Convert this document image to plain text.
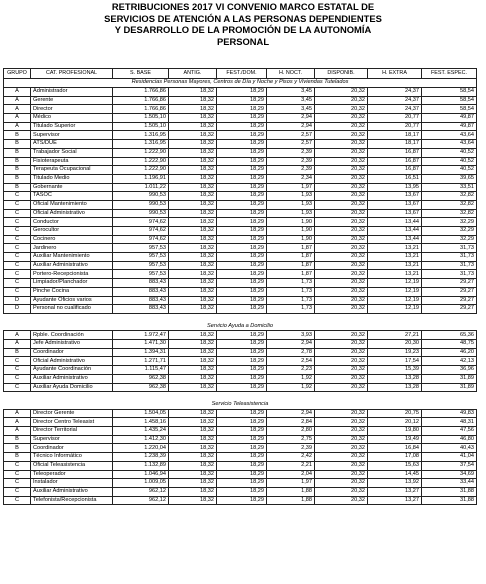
RETRIBUCIONES 2017 VI CONVENIO MARCO ESTATAL DE
SERVICIOS DE ATENCIÓN A LAS PERSONAS DEPENDIENTES
Y DESARROLLO DE LA PROMOCIÓN DE LA AUTONOMÍA
PERSONAL
GRUPO	CAT. PROFESIONAL	S. BASE	ANTIG.	FEST./DOM.	H. NOCT.	DISPONIB.	H. EXTRA	FEST. ESPEC.
Residencias Personas Mayores, Centros de Día y Noche y Pisos y Viviendas Tutelados								
A	Administrador	1.766,86	18,32	18,29	3,45	20,32	24,37	58,54
A	Gerente	1.766,86	18,32	18,29	3,45	20,32	24,37	58,54
A	Director	1.766,86	18,32	18,29	3,45	20,32	24,37	58,54
A	Médico	1.505,10	18,32	18,29	2,94	20,32	20,77	49,87
A	Titulado Superior	1.505,10	18,32	18,29	2,94	20,32	20,77	49,87
B	Supervisor	1.316,95	18,32	18,29	2,57	20,32	18,17	43,64
B	ATS/DUE	1.316,95	18,32	18,29	2,57	20,32	18,17	43,64
B	Trabajador Social	1.222,90	18,32	18,29	2,39	20,32	16,87	40,52
B	Fisioterapeuta	1.222,90	18,32	18,29	2,39	20,32	16,87	40,52
B	Terapeuta Ocupacional	1.222,90	18,32	18,29	2,39	20,32	16,87	40,52
B	Titulado Medio	1.196,91	18,32	18,29	2,34	20,32	16,51	39,65
B	Gobernante	1.011,22	18,32	18,29	1,97	20,32	13,95	33,51
C	TASOC	990,53	18,32	18,29	1,93	20,32	13,67	32,82
C	Oficial Mantenimiento	990,53	18,32	18,29	1,93	20,32	13,67	32,82
C	Oficial Administrativo	990,53	18,32	18,29	1,93	20,32	13,67	32,82
C	Conductor	974,62	18,32	18,29	1,90	20,32	13,44	32,29
C	Gerocultor	974,62	18,32	18,29	1,90	20,32	13,44	32,29
C	Cocinero	974,62	18,32	18,29	1,90	20,32	13,44	32,29
C	Jardinero	957,53	18,32	18,29	1,87	20,32	13,21	31,73
C	Auxiliar Mantenimiento	957,53	18,32	18,29	1,87	20,32	13,21	31,73
C	Auxiliar Administrativo	957,53	18,32	18,29	1,87	20,32	13,21	31,73
C	Portero-Recepcionista	957,53	18,32	18,29	1,87	20,32	13,21	31,73
C	Limpiador/Planchador	883,43	18,32	18,29	1,73	20,32	12,19	29,27
C	Pinche Cocina	883,43	18,32	18,29	1,73	20,32	12,19	29,27
D	Ayudante Oficios varios	883,43	18,32	18,29	1,73	20,32	12,19	29,27
D	Personal no cualificado	883,43	18,32	18,29	1,73	20,32	12,19	29,27

Servicio Ayuda a Domicilio								
A	Rpble. Coordinación	1.972,47	18,32	18,29	3,93	20,32	27,21	65,36
A	Jefe Administrativo	1.471,30	18,32	18,29	2,94	20,32	20,30	48,75
B	Coordinador	1.394,31	18,32	18,29	2,78	20,32	19,23	46,20
C	Oficial Administrativo	1.271,71	18,32	18,29	2,54	20,32	17,54	42,13
C	Ayudante Coordinación	1.115,47	18,32	18,29	2,23	20,32	15,39	36,96
C	Auxiliar Administrativo	962,38	18,32	18,29	1,92	20,32	13,28	31,89
C	Auxiliar Ayuda Domicilio	962,38	18,32	18,29	1,92	20,32	13,28	31,89

Servicio Teleasistencia								
A	Director Gerente	1.504,05	18,32	18,29	2,94	20,32	20,75	49,83
A	Director Centro Teleasist	1.458,16	18,32	18,29	2,84	20,32	20,12	48,31
A	Director Territorial	1.435,24	18,32	18,29	2,80	20,32	19,80	47,56
B	Supervisor	1.412,30	18,32	18,29	2,75	20,32	19,49	46,80
B	Coordinador	1.220,04	18,32	18,29	2,39	20,32	16,84	40,43
B	Técnico Informático	1.238,39	18,32	18,29	2,42	20,32	17,08	41,04
C	Oficial Teleasistencia	1.132,89	18,32	18,29	2,21	20,32	15,63	37,54
C	Teleoperador	1.046,94	18,32	18,29	2,04	20,32	14,45	34,69
C	Instalador	1.009,05	18,32	18,29	1,97	20,32	13,92	33,44
C	Auxiliar Administrativo	962,12	18,32	18,29	1,88	20,32	13,27	31,88
C	Telefonista/Recepcionista	962,12	18,32	18,29	1,88	20,32	13,27	31,88
